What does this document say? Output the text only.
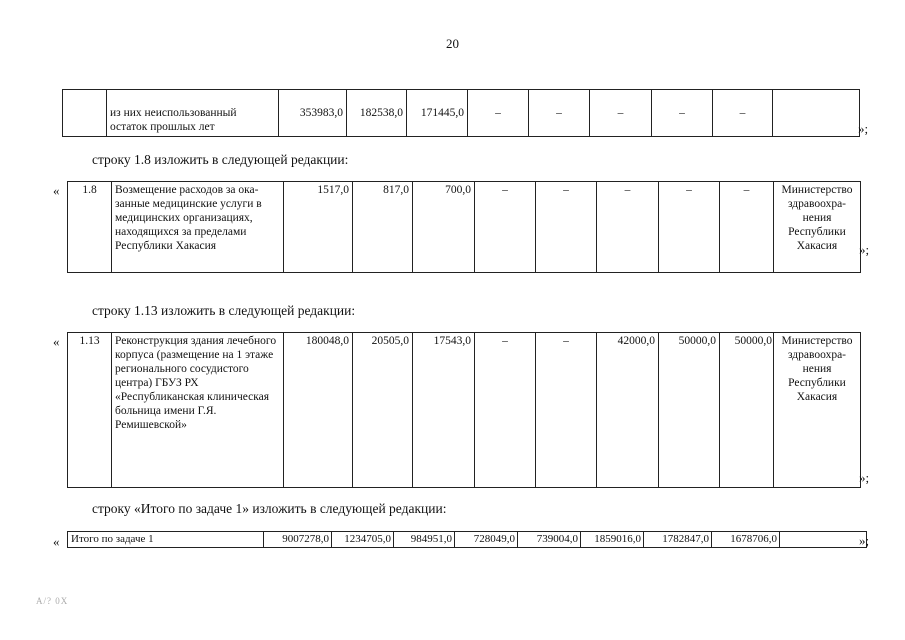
20
	из них неиспользованный остаток прошлых лет	353983,0	182538,0	171445,0	–	–	–	–	–	
»;
строку 1.8 изложить в следующей редакции:
« 1.8	Возмещение расходов за ока-занные медицинские услуги в медицинских организациях, находящихся за пределами Республики Хакасия	1517,0	817,0	700,0	–	–	–	–	–	Министерство здравоохра-нения Республики Хакасия »;
строку 1.13 изложить в следующей редакции:
« 1.13	Реконструкция здания лечебного корпуса (размещение на 1 этаже регионального сосудистого центра) ГБУЗ РХ «Республиканская клиническая больница имени Г.Я. Ремишевской»	180048,0	20505,0	17543,0	–	–	42000,0	50000,0	50000,0	Министерство здравоохра-нения Республики Хакасия
»;
строку «Итого по задаче 1» изложить в следующей редакции:
« Итого по задаче 1	9007278,0	1234705,0	984951,0	728049,0	739004,0	1859016,0	1782847,0	1678706,0		»;
A/? 0X
